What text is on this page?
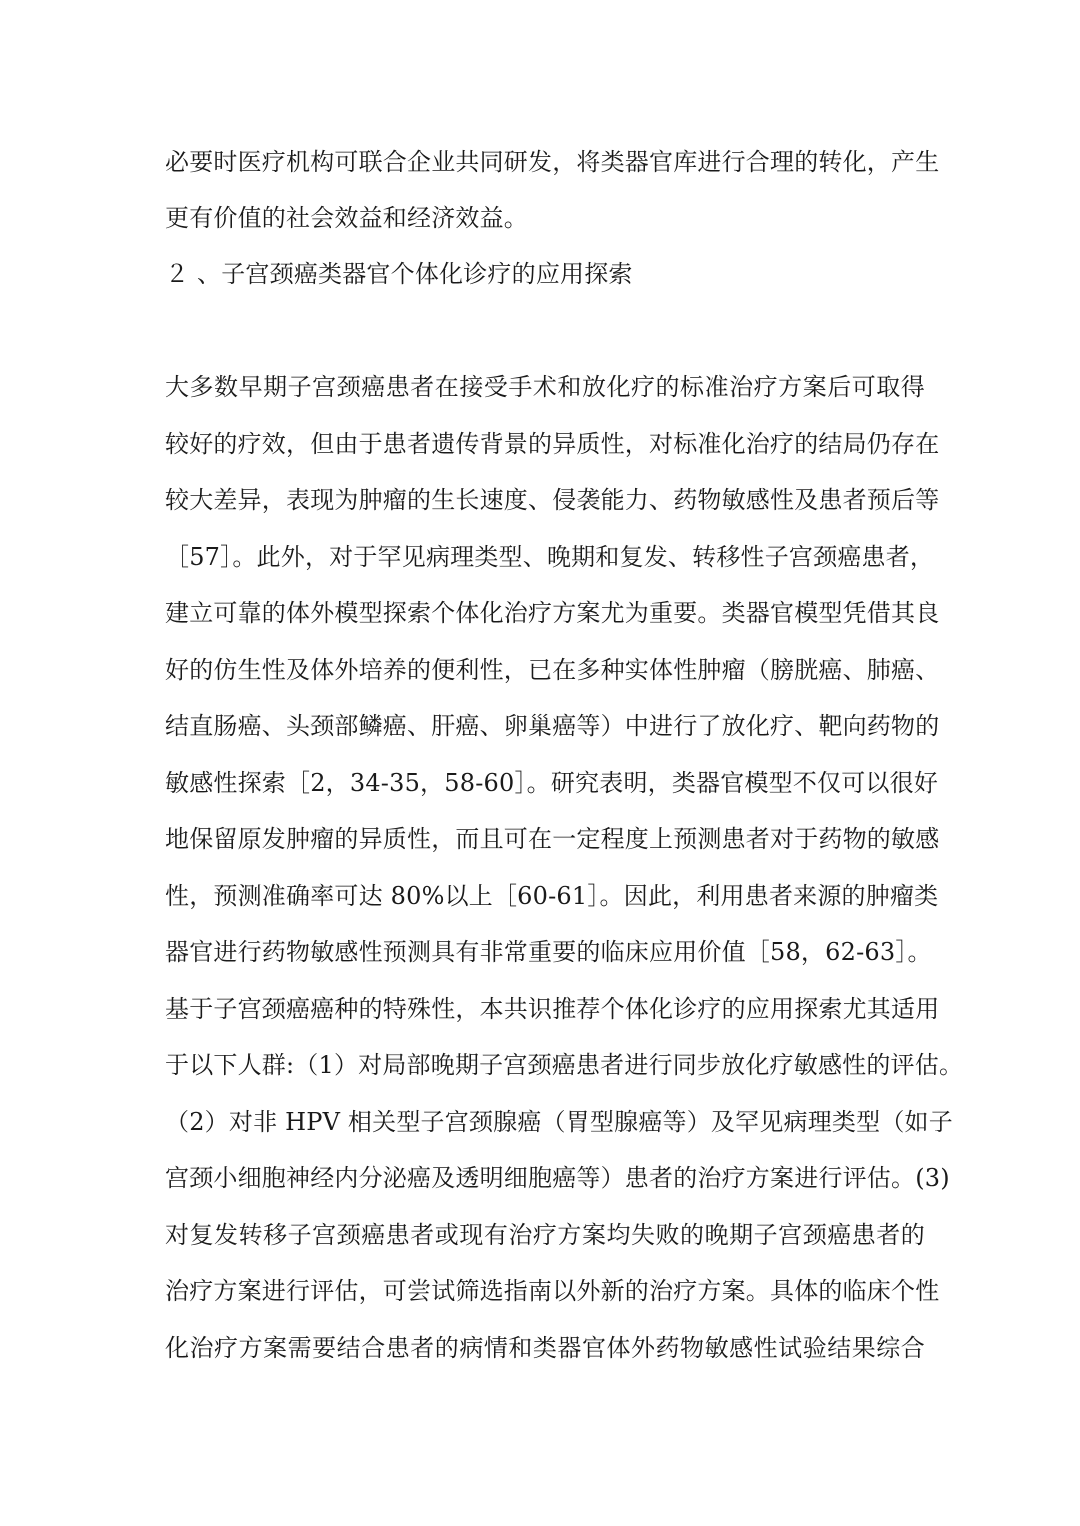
必要时医疗机构可联合企业共同研发，将类器官库进行合理的转化，产生
更有价值的社会效益和经济效益。
２ 、子宫颈癌类器官个体化诊疗的应用探索
大多数早期子宫颈癌患者在接受手术和放化疗的标准治疗方案后可取得
较好的疗效，但由于患者遗传背景的异质性，对标准化治疗的结局仍存在
较大差异，表现为肿瘤的生长速度、侵袭能力、药物敏感性及患者预后等
［57］。此外，对于罕见病理类型、晚期和复发、转移性子宫颈癌患者，
建立可靠的体外模型探索个体化治疗方案尤为重要。类器官模型凭借其良
好的仿生性及体外培养的便利性，已在多种实体性肿瘤（膀胱癌、肺癌、
结直肠癌、头颈部鳞癌、肝癌、卵巢癌等）中进行了放化疗、靶向药物的
敏感性探索［2，34-35，58-60］。研究表明，类器官模型不仅可以很好
地保留原发肿瘤的异质性，而且可在一定程度上预测患者对于药物的敏感
性，预测准确率可达 80%以上［60-61］。因此，利用患者来源的肿瘤类
器官进行药物敏感性预测具有非常重要的临床应用价值［58，62-63］。
基于子宫颈癌癌种的特殊性，本共识推荐个体化诊疗的应用探索尤其适用
于以下人群:（1）对局部晚期子宫颈癌患者进行同步放化疗敏感性的评估。
（2）对非 HPV 相关型子宫颈腺癌（胃型腺癌等）及罕见病理类型（如子
宫颈小细胞神经内分泌癌及透明细胞癌等）患者的治疗方案进行评估。(3)
对复发转移子宫颈癌患者或现有治疗方案均失败的晚期子宫颈癌患者的
治疗方案进行评估，可尝试筛选指南以外新的治疗方案。具体的临床个性
化治疗方案需要结合患者的病情和类器官体外药物敏感性试验结果综合
